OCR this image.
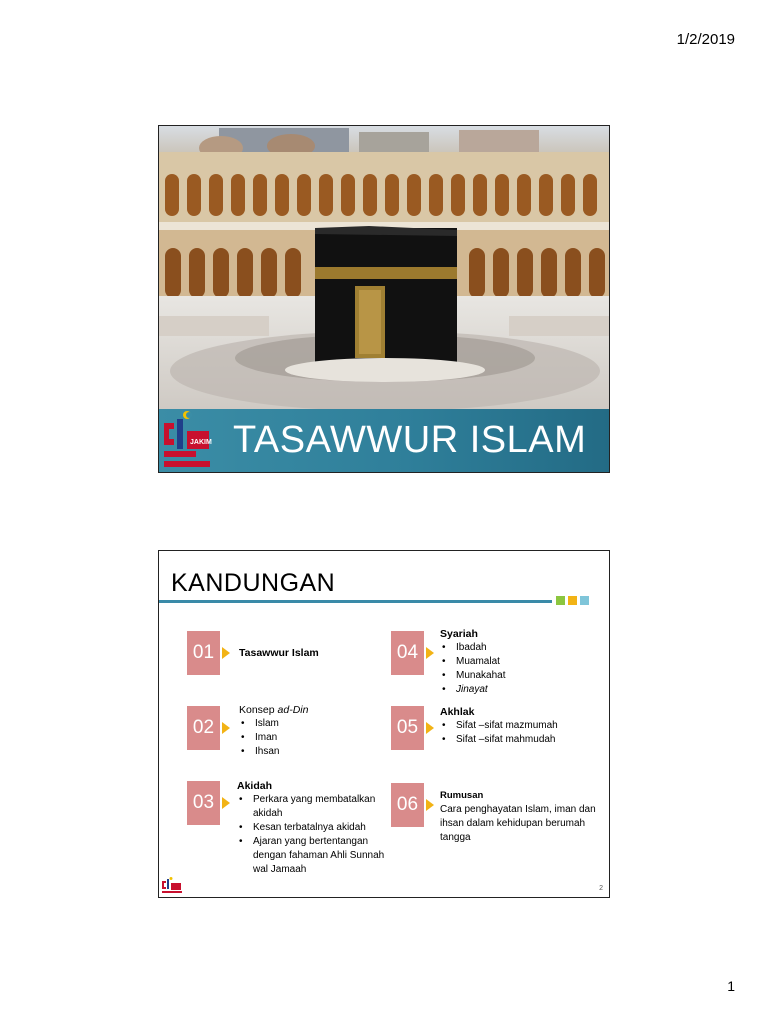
1/2/2019
JAKIM TASAWWUR ISLAM
KANDUNGAN
01	Tasawwur Islam
02
Konsep ad-Din
• Islam
• Iman
• Ihsan
03
Akidah
• Perkara yang membatalkan akidah
• Kesan terbatalnya akidah
• Ajaran yang bertentangan dengan fahaman Ahli Sunnah wal Jamaah
04
Syariah
• Ibadah
• Muamalat
• Munakahat
• Jinayat
05
Akhlak
• Sifat –sifat mazmumah
• Sifat –sifat mahmudah
06	Rumusan
Cara penghayatan Islam, iman dan ihsan dalam kehidupan berumah tangga
2
1
